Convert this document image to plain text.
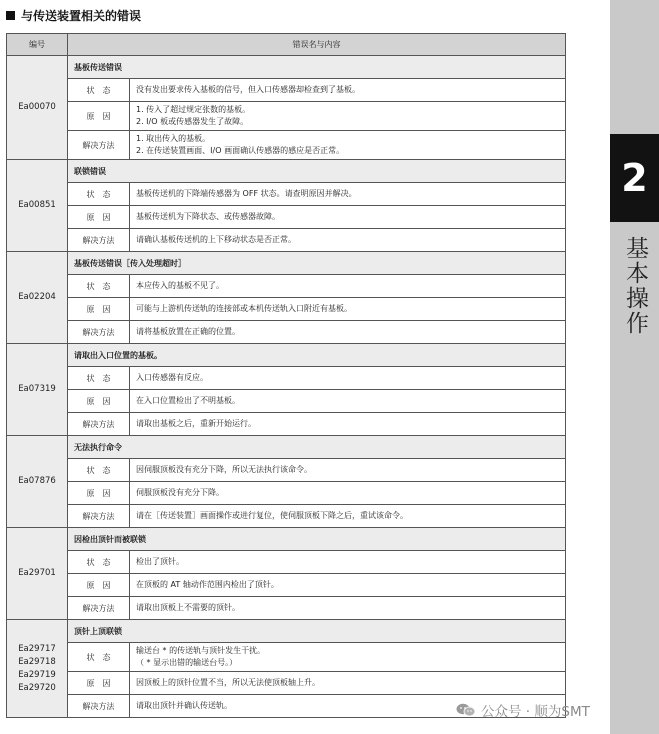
与传送装置相关的错误
编号	错误名与内容	
Ea00070	基板传送错误	
	状　态	没有发出要求传入基板的信号，但入口传感器却检查到了基板。
	原　因	1. 传入了超过规定张数的基板。
2. I/O 板或传感器发生了故障。
	解决方法	1. 取出传入的基板。
2. 在传送装置画面、I/O 画面确认传感器的感应是否正常。
Ea00851	联锁错误	
	状　态	基板传送机的下降端传感器为 OFF 状态。请查明原因并解决。
	原　因	基板传送机为下降状态、或传感器故障。
	解决方法	请确认基板传送机的上下移动状态是否正常。
Ea02204	基板传送错误［传入处理超时］	
	状　态	本应传入的基板不见了。
	原　因	可能与上游机传送轨的连接部或本机传送轨入口附近有基板。
	解决方法	请将基板放置在正确的位置。
Ea07319	请取出入口位置的基板。	
	状　态	入口传感器有反应。
	原　因	在入口位置检出了不明基板。
	解决方法	请取出基板之后，重新开始运行。
Ea07876	无法执行命令	
	状　态	因伺服顶板没有充分下降，所以无法执行该命令。
	原　因	伺服顶板没有充分下降。
	解决方法	请在［传送装置］画面操作或进行复位，使伺服顶板下降之后，重试该命令。
Ea29701	因检出顶针而被联锁	
	状　态	检出了顶针。
	原　因	在顶板的 AT 轴动作范围内检出了顶针。
	解决方法	请取出顶板上不需要的顶针。
Ea29717
Ea29718
Ea29719
Ea29720	顶针上顶联锁	
	状　态	输送台 * 的传送轨与顶针发生干扰。
（ * 显示出错的输送台号。）
	原　因	因顶板上的顶针位置不当，所以无法使顶板轴上升。
	解决方法	请取出顶针并确认传送轨。
2
基本操作
公众号 · 顺为SMT
